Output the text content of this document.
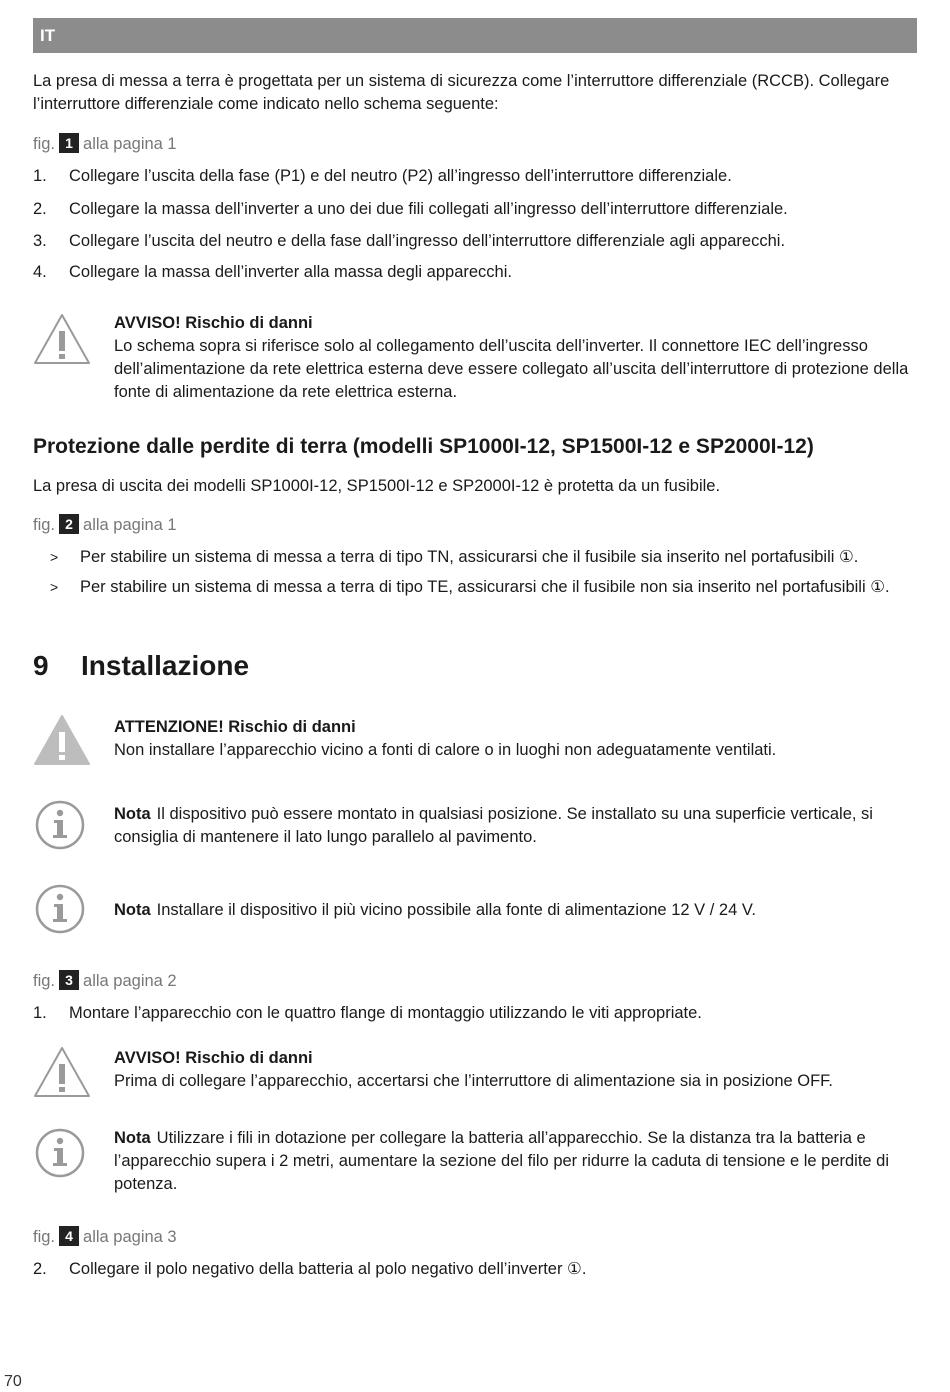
IT
La presa di messa a terra è progettata per un sistema di sicurezza come l’interruttore differenziale (RCCB). Collegare l’interruttore differenziale come indicato nello schema seguente:
fig. 1 alla pagina 1
1. Collegare l’uscita della fase (P1) e del neutro (P2) all’ingresso dell’interruttore differenziale.
2. Collegare la massa dell’inverter a uno dei due fili collegati all’ingresso dell’interruttore differenziale.
3. Collegare l’uscita del neutro e della fase dall’ingresso dell’interruttore differenziale agli apparecchi.
4. Collegare la massa dell’inverter alla massa degli apparecchi.
AVVISO! Rischio di danni
Lo schema sopra si riferisce solo al collegamento dell’uscita dell’inverter. Il connettore IEC dell’ingresso dell’alimentazione da rete elettrica esterna deve essere collegato all’uscita dell’interruttore di protezione della fonte di alimentazione da rete elettrica esterna.
Protezione dalle perdite di terra (modelli SP1000I-12, SP1500I-12 e SP2000I-12)
La presa di uscita dei modelli SP1000I-12, SP1500I-12 e SP2000I-12 è protetta da un fusibile.
fig. 2 alla pagina 1
> Per stabilire un sistema di messa a terra di tipo TN, assicurarsi che il fusibile sia inserito nel portafusibili ①.
> Per stabilire un sistema di messa a terra di tipo TE, assicurarsi che il fusibile non sia inserito nel portafusibili ①.
9 Installazione
ATTENZIONE! Rischio di danni
Non installare l’apparecchio vicino a fonti di calore o in luoghi non adeguatamente ventilati.
Nota Il dispositivo può essere montato in qualsiasi posizione. Se installato su una superficie verticale, si consiglia di mantenere il lato lungo parallelo al pavimento.
Nota Installare il dispositivo il più vicino possibile alla fonte di alimentazione 12 V / 24 V.
fig. 3 alla pagina 2
1. Montare l’apparecchio con le quattro flange di montaggio utilizzando le viti appropriate.
AVVISO! Rischio di danni
Prima di collegare l’apparecchio, accertarsi che l’interruttore di alimentazione sia in posizione OFF.
Nota Utilizzare i fili in dotazione per collegare la batteria all’apparecchio. Se la distanza tra la batteria e l’apparecchio supera i 2 metri, aumentare la sezione del filo per ridurre la caduta di tensione e le perdite di potenza.
fig. 4 alla pagina 3
2. Collegare il polo negativo della batteria al polo negativo dell’inverter ①.
70
